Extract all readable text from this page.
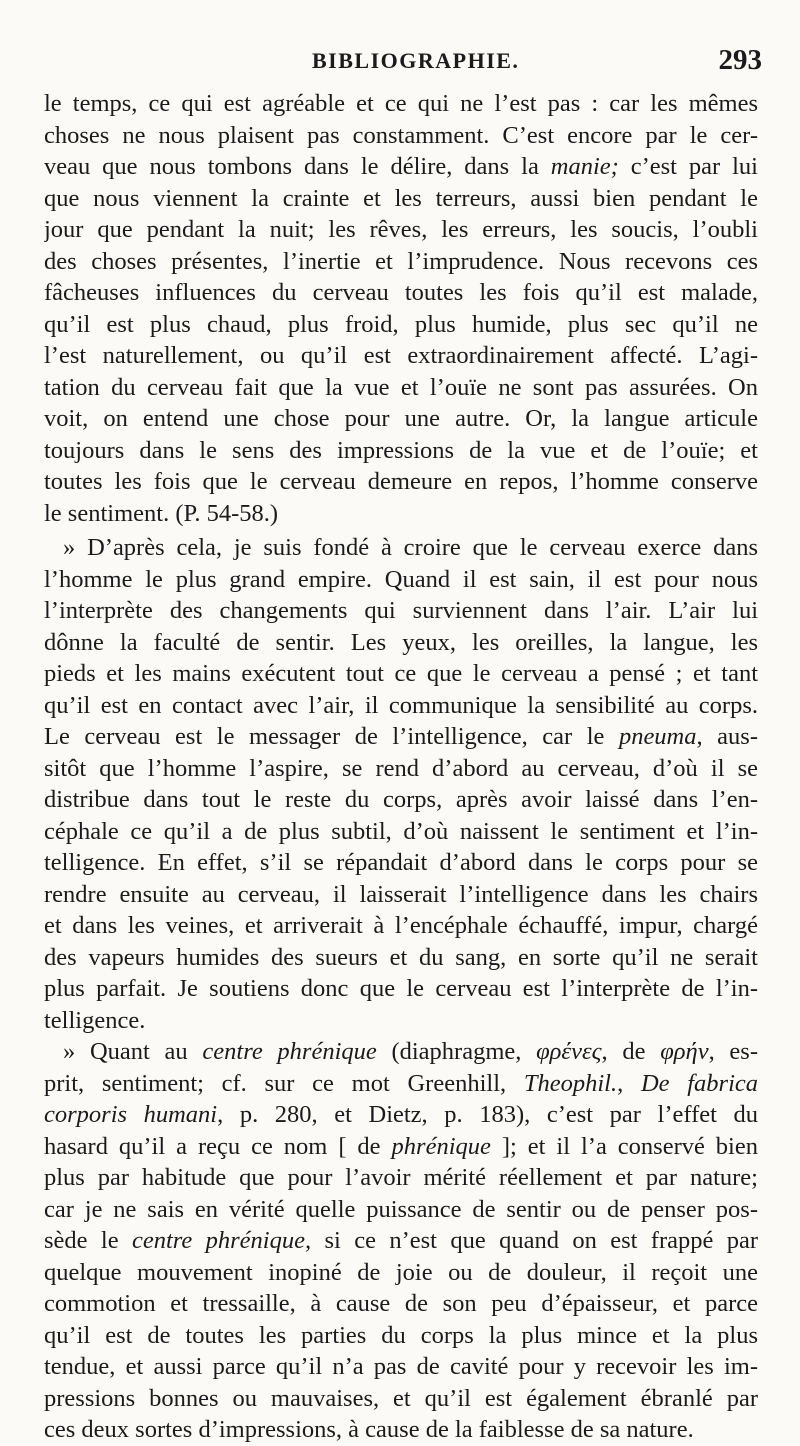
BIBLIOGRAPHIE.	293
le temps, ce qui est agréable et ce qui ne l’est pas : car les mêmes
choses ne nous plaisent pas constamment. C’est encore par le cer-
veau que nous tombons dans le délire, dans la manie; c’est par lui
que nous viennent la crainte et les terreurs, aussi bien pendant le
jour que pendant la nuit; les rêves, les erreurs, les soucis, l’oubli
des choses présentes, l’inertie et l’imprudence. Nous recevons ces
fâcheuses influences du cerveau toutes les fois qu’il est malade,
qu’il est plus chaud, plus froid, plus humide, plus sec qu’il ne
l’est naturellement, ou qu’il est extraordinairement affecté. L’agi-
tation du cerveau fait que la vue et l’ouïe ne sont pas assurées. On
voit, on entend une chose pour une autre. Or, la langue articule
toujours dans le sens des impressions de la vue et de l’ouïe; et
toutes les fois que le cerveau demeure en repos, l’homme conserve
le sentiment. (P. 54-58.)
» D’après cela, je suis fondé à croire que le cerveau exerce dans
l’homme le plus grand empire. Quand il est sain, il est pour nous
l’interprète des changements qui surviennent dans l’air. L’air lui
dônne la faculté de sentir. Les yeux, les oreilles, la langue, les
pieds et les mains exécutent tout ce que le cerveau a pensé ; et tant
qu’il est en contact avec l’air, il communique la sensibilité au corps.
Le cerveau est le messager de l’intelligence, car le pneuma, aus-
sitôt que l’homme l’aspire, se rend d’abord au cerveau, d’où il se
distribue dans tout le reste du corps, après avoir laissé dans l’en-
céphale ce qu’il a de plus subtil, d’où naissent le sentiment et l’in-
telligence. En effet, s’il se répandait d’abord dans le corps pour se
rendre ensuite au cerveau, il laisserait l’intelligence dans les chairs
et dans les veines, et arriverait à l’encéphale échauffé, impur, chargé
des vapeurs humides des sueurs et du sang, en sorte qu’il ne serait
plus parfait. Je soutiens donc que le cerveau est l’interprète de l’in-
telligence.
» Quant au centre phrénique (diaphragme, φρένες, de φρήν, es-
prit, sentiment; cf. sur ce mot Greenhill, Theophil., De fabrica
corporis humani, p. 280, et Dietz, p. 183), c’est par l’effet du
hasard qu’il a reçu ce nom [ de phrénique ]; et il l’a conservé bien
plus par habitude que pour l’avoir mérité réellement et par nature;
car je ne sais en vérité quelle puissance de sentir ou de penser pos-
sède le centre phrénique, si ce n’est que quand on est frappé par
quelque mouvement inopiné de joie ou de douleur, il reçoit une
commotion et tressaille, à cause de son peu d’épaisseur, et parce
qu’il est de toutes les parties du corps la plus mince et la plus
tendue, et aussi parce qu’il n’a pas de cavité pour y recevoir les im-
pressions bonnes ou mauvaises, et qu’il est également ébranlé par
ces deux sortes d’impressions, à cause de la faiblesse de sa nature.
